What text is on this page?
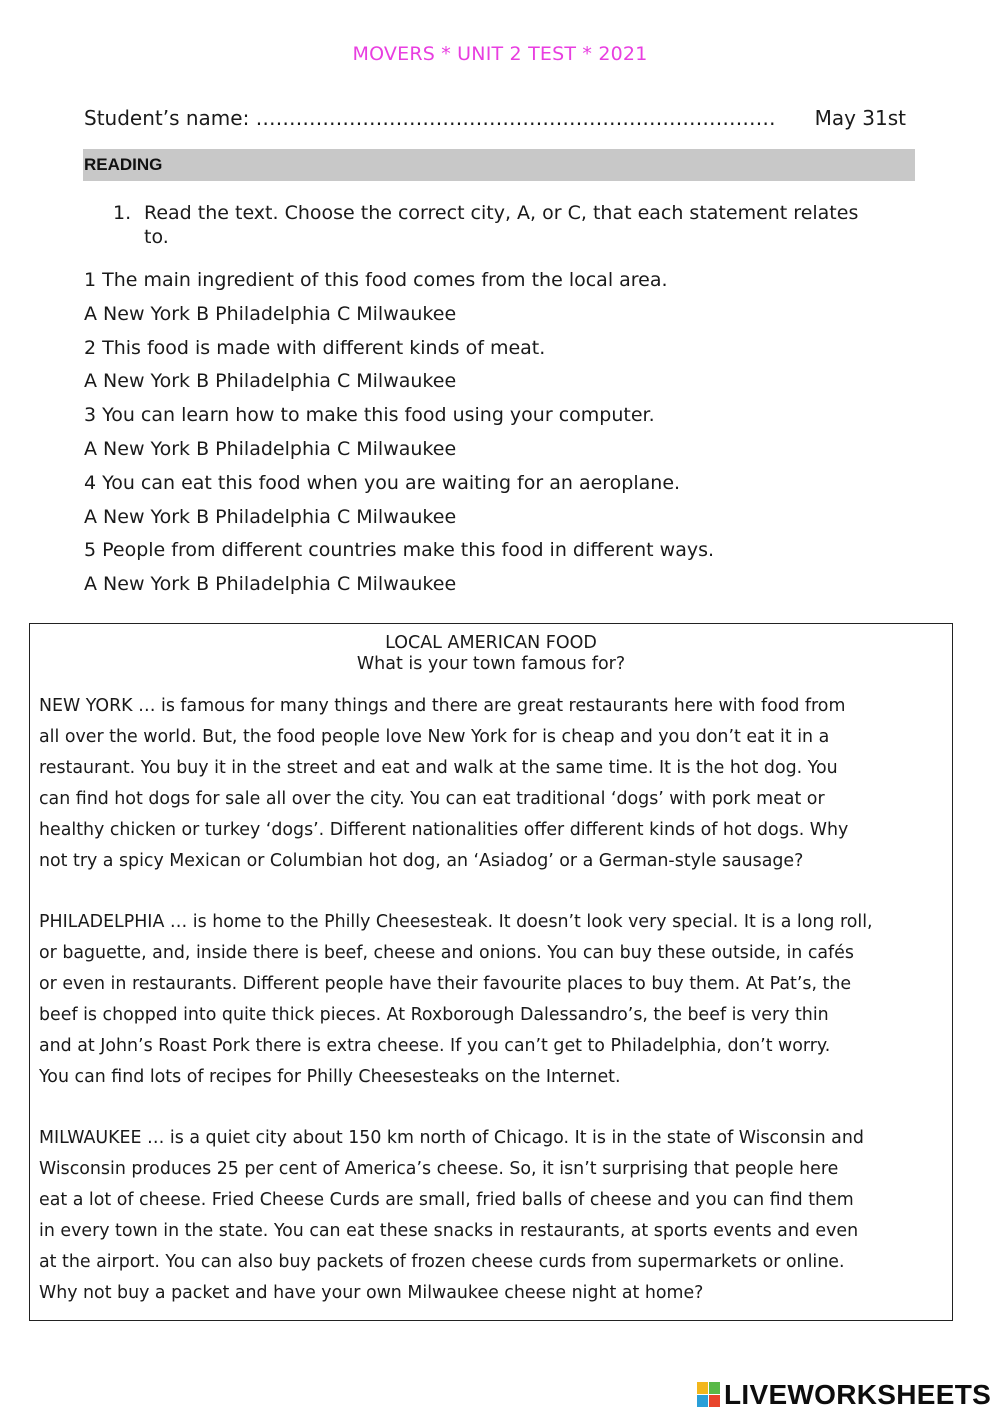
MOVERS * UNIT 2 TEST * 2021
Student’s name: …………………………………………………………………… May 31st
READING
1. Read the text. Choose the correct city, A, or C, that each statement relates to.
1 The main ingredient of this food comes from the local area.
A New York B Philadelphia C Milwaukee
2 This food is made with different kinds of meat.
A New York B Philadelphia C Milwaukee
3 You can learn how to make this food using your computer.
A New York B Philadelphia C Milwaukee
4 You can eat this food when you are waiting for an aeroplane.
A New York B Philadelphia C Milwaukee
5 People from different countries make this food in different ways.
A New York B Philadelphia C Milwaukee
LOCAL AMERICAN FOOD
What is your town famous for?
NEW YORK … is famous for many things and there are great restaurants here with food from
all over the world. But, the food people love New York for is cheap and you don’t eat it in a
restaurant. You buy it in the street and eat and walk at the same time. It is the hot dog. You
can find hot dogs for sale all over the city. You can eat traditional ‘dogs’ with pork meat or
healthy chicken or turkey ‘dogs’. Different nationalities offer different kinds of hot dogs. Why
not try a spicy Mexican or Columbian hot dog, an ‘Asiadog’ or a German-style sausage?
PHILADELPHIA … is home to the Philly Cheesesteak. It doesn’t look very special. It is a long roll,
or baguette, and, inside there is beef, cheese and onions. You can buy these outside, in cafés
or even in restaurants. Different people have their favourite places to buy them. At Pat’s, the
beef is chopped into quite thick pieces. At Roxborough Dalessandro’s, the beef is very thin
and at John’s Roast Pork there is extra cheese. If you can’t get to Philadelphia, don’t worry.
You can find lots of recipes for Philly Cheesesteaks on the Internet.
MILWAUKEE … is a quiet city about 150 km north of Chicago. It is in the state of Wisconsin and
Wisconsin produces 25 per cent of America’s cheese. So, it isn’t surprising that people here
eat a lot of cheese. Fried Cheese Curds are small, fried balls of cheese and you can find them
in every town in the state. You can eat these snacks in restaurants, at sports events and even
at the airport. You can also buy packets of frozen cheese curds from supermarkets or online.
Why not buy a packet and have your own Milwaukee cheese night at home?
LIVEWORKSHEETS
